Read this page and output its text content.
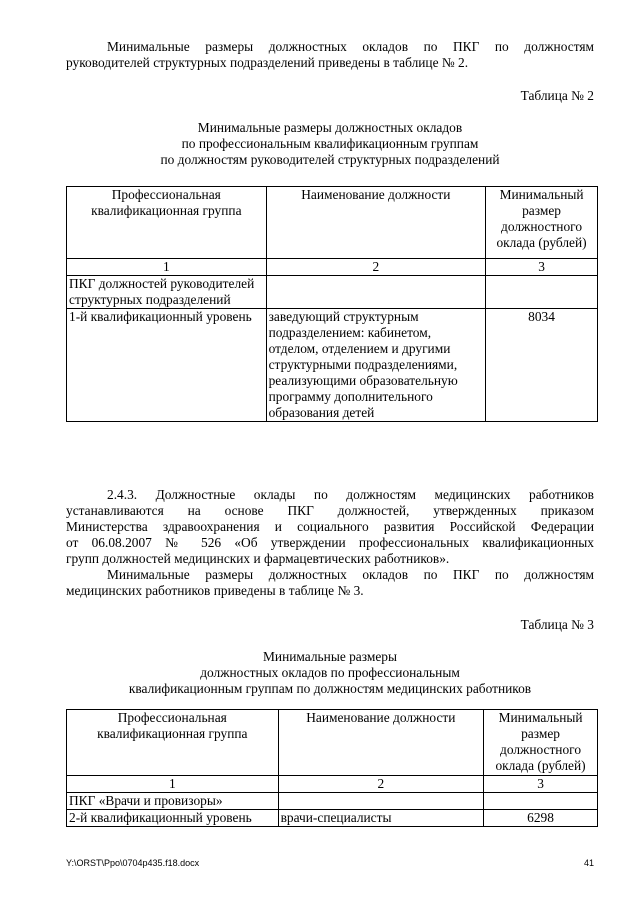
Минимальные размеры должностных окладов по ПКГ по должностям
руководителей структурных подразделений приведены в таблице № 2.
Таблица № 2
Минимальные размеры должностных окладов
по профессиональным квалификационным группам
по должностям руководителей структурных подразделений
Профессиональная квалификационная группа	Наименование должности	Минимальный размер должностного оклада (рублей)
1	2	3
ПКГ должностей руководителей структурных подразделений		
1-й квалификационный уровень	заведующий структурным подразделением: кабинетом, отделом, отделением и другими структурными подразделениями, реализующими образовательную программу дополнительного образования детей	8034
2.4.3. Должностные оклады по должностям медицинских работников
устанавливаются на основе ПКГ должностей, утвержденных приказом
Министерства здравоохранения и социального развития Российской Федерации
от 06.08.2007 № 526 «Об утверждении профессиональных квалификационных
групп должностей медицинских и фармацевтических работников».
Минимальные размеры должностных окладов по ПКГ по должностям
медицинских работников приведены в таблице № 3.
Таблица № 3
Минимальные размеры
должностных окладов по профессиональным
квалификационным группам по должностям медицинских работников
Профессиональная квалификационная группа	Наименование должности	Минимальный размер должностного оклада (рублей)
1	2	3
ПКГ «Врачи и провизоры»		
2-й квалификационный уровень	врачи-специалисты	6298
Y:\ORST\Ppo\0704p435.f18.docx	41
